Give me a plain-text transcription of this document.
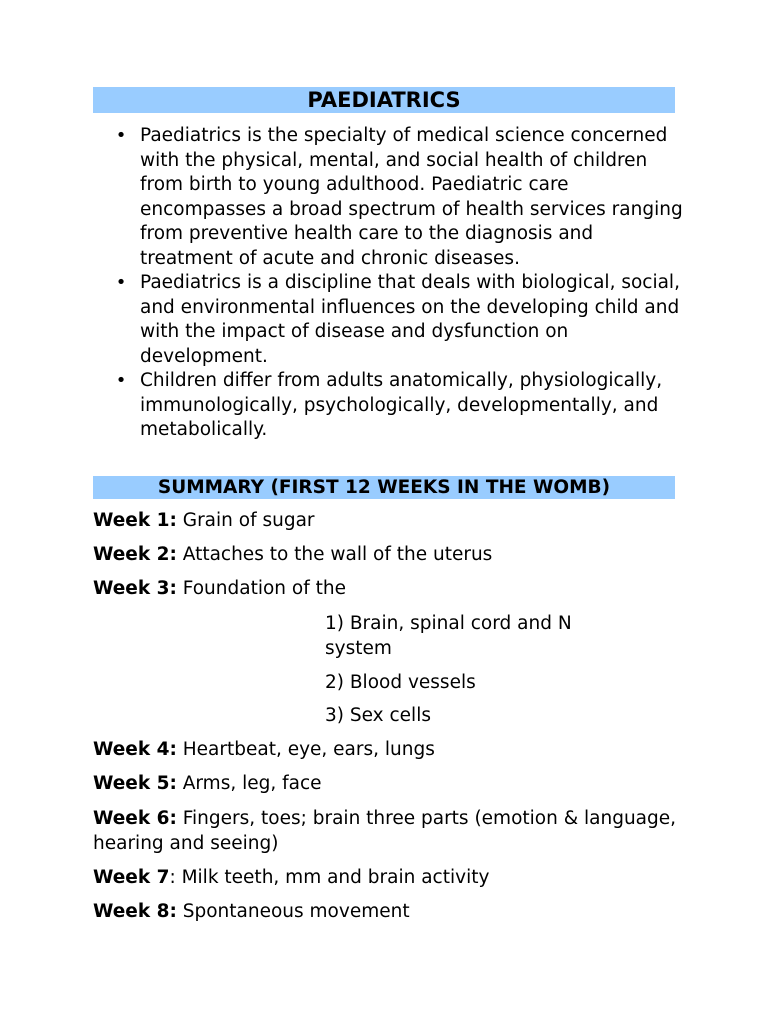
PAEDIATRICS
• Paediatrics is the specialty of medical science concerned with the physical, mental, and social health of children from birth to young adulthood. Paediatric care encompasses a broad spectrum of health services ranging from preventive health care to the diagnosis and treatment of acute and chronic diseases.
• Paediatrics is a discipline that deals with biological, social, and environmental influences on the developing child and with the impact of disease and dysfunction on development.
• Children differ from adults anatomically, physiologically, immunologically, psychologically, developmentally, and metabolically.
SUMMARY (FIRST 12 WEEKS IN THE WOMB)
Week 1: Grain of sugar
Week 2: Attaches to the wall of the uterus
Week 3: Foundation of the
1) Brain, spinal cord and N system
2) Blood vessels
3) Sex cells
Week 4: Heartbeat, eye, ears, lungs
Week 5: Arms, leg, face
Week 6: Fingers, toes; brain three parts (emotion & language, hearing and seeing)
Week 7: Milk teeth, mm and brain activity
Week 8: Spontaneous movement
